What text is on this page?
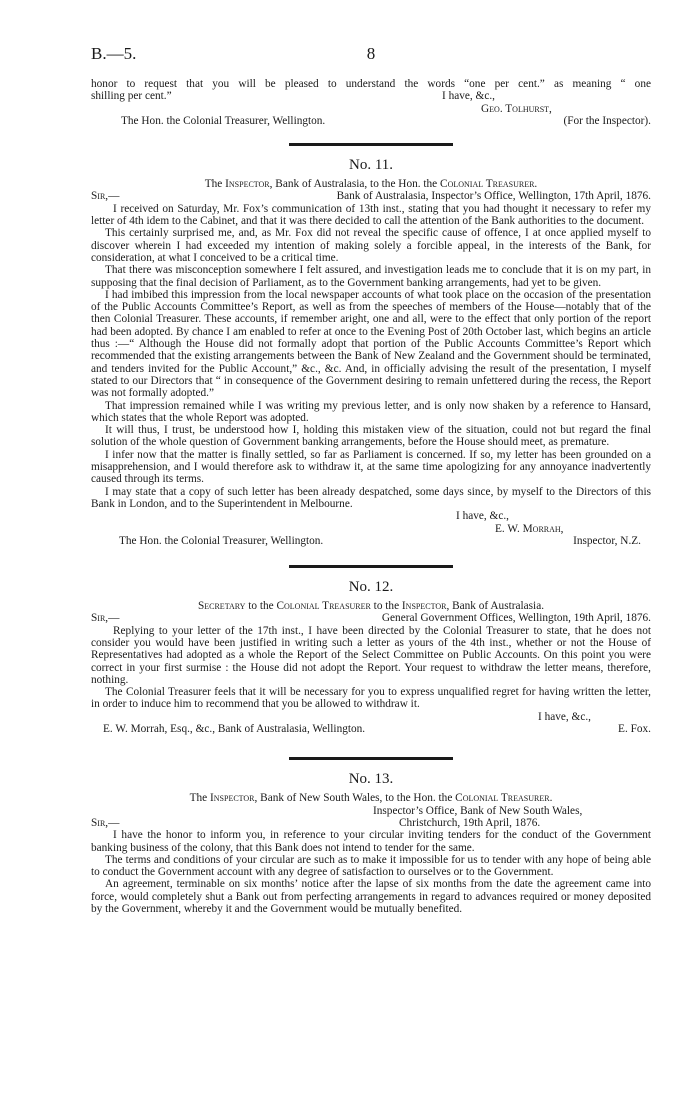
B.—5.	8

honor to request that you will be pleased to understand the words “one per cent.” as meaning “ one

shilling per cent.”	I have, &c.,
Geo. Tolhurst,
The Hon. the Colonial Treasurer, Wellington.	(For the Inspector).
No. 11.
The Inspector, Bank of Australasia, to the Hon. the Colonial Treasurer.
Sir,—	Bank of Australasia, Inspector’s Office, Wellington, 17th April, 1876.

I received on Saturday, Mr. Fox’s communication of 13th inst., stating that you had thought it necessary to refer my letter of 4th idem to the Cabinet, and that it was there decided to call the attention of the Bank authorities to the document.

This certainly surprised me, and, as Mr. Fox did not reveal the specific cause of offence, I at once applied myself to discover wherein I had exceeded my intention of making solely a forcible appeal, in the interests of the Bank, for consideration, at what I conceived to be a critical time.

That there was misconception somewhere I felt assured, and investigation leads me to conclude that it is on my part, in supposing that the final decision of Parliament, as to the Government banking arrangements, had yet to be given.

I had imbibed this impression from the local newspaper accounts of what took place on the occasion of the presentation of the Public Accounts Committee’s Report, as well as from the speeches of members of the House—notably that of the then Colonial Treasurer. These accounts, if remember aright, one and all, were to the effect that only portion of the report had been adopted. By chance I am enabled to refer at once to the Evening Post of 20th October last, which begins an article thus :—“ Although the House did not formally adopt that portion of the Public Accounts Committee’s Report which recommended that the existing arrangements between the Bank of New Zealand and the Government should be terminated, and tenders invited for the Public Account,” &c., &c. And, in officially advising the result of the presentation, I myself stated to our Directors that “ in consequence of the Government desiring to remain unfettered during the recess, the Report was not formally adopted.”

That impression remained while I was writing my previous letter, and is only now shaken by a reference to Hansard, which states that the whole Report was adopted.

It will thus, I trust, be understood how I, holding this mistaken view of the situation, could not but regard the final solution of the whole question of Government banking arrangements, before the House should meet, as premature.

I infer now that the matter is finally settled, so far as Parliament is concerned. If so, my letter has been grounded on a misapprehension, and I would therefore ask to withdraw it, at the same time apologizing for any annoyance inadvertently caused through its terms.

I may state that a copy of such letter has been already despatched, some days since, by myself to the Directors of this Bank in London, and to the Superintendent in Melbourne.

I have, &c.,
E. W. Morrah,
The Hon. the Colonial Treasurer, Wellington.	Inspector, N.Z.
No. 12.
Secretary to the Colonial Treasurer to the Inspector, Bank of Australasia.
Sir,—	General Government Offices, Wellington, 19th April, 1876.

Replying to your letter of the 17th inst., I have been directed by the Colonial Treasurer to state, that he does not consider you would have been justified in writing such a letter as yours of the 4th inst., whether or not the House of Representatives had adopted as a whole the Report of the Select Committee on Public Accounts. On this point you were correct in your first surmise : the House did not adopt the Report. Your request to withdraw the letter means, therefore, nothing.

The Colonial Treasurer feels that it will be necessary for you to express unqualified regret for having written the letter, in order to induce him to recommend that you be allowed to withdraw it.

I have, &c.,
E. W. Morrah, Esq., &c., Bank of Australasia, Wellington.	E. Fox.
No. 13.
The Inspector, Bank of New South Wales, to the Hon. the Colonial Treasurer.
Inspector’s Office, Bank of New South Wales,
Sir,—	Christchurch, 19th April, 1876.

I have the honor to inform you, in reference to your circular inviting tenders for the conduct of the Government banking business of the colony, that this Bank does not intend to tender for the same.

The terms and conditions of your circular are such as to make it impossible for us to tender with any hope of being able to conduct the Government account with any degree of satisfaction to ourselves or to the Government.

An agreement, terminable on six months’ notice after the lapse of six months from the date the agreement came into force, would completely shut a Bank out from perfecting arrangements in regard to advances required or money deposited by the Government, whereby it and the Government would be mutually benefited.
